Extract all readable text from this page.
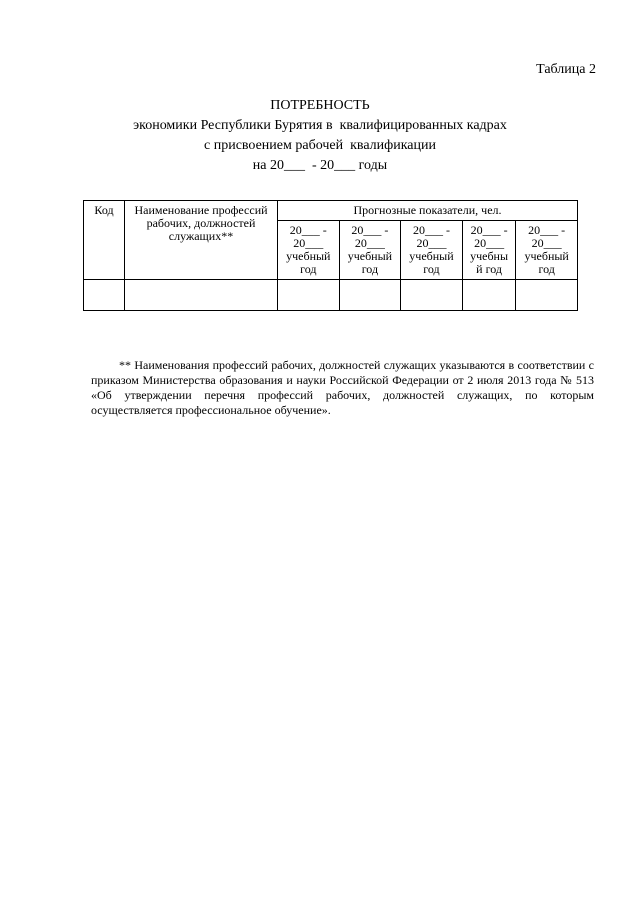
Таблица 2
ПОТРЕБНОСТЬ
экономики Республики Бурятия в  квалифицированных кадрах
с присвоением рабочей  квалификации
на 20___  - 20___ годы
Код	Наименование профессий рабочих, должностей служащих**	Прогнозные показатели, чел.				
		20___ -
20___
учебный
год	20___ -
20___
учебный
год	20___ -
20___
учебный
год	20___ -
20___
учебны
й год	20___ -
20___
учебный
год

** Наименования профессий рабочих, должностей служащих указываются в соответствии с приказом Министерства образования и науки Российской Федерации от 2 июля 2013 года № 513 «Об утверждении перечня профессий рабочих, должностей служащих, по которым осуществляется профессиональное обучение».
